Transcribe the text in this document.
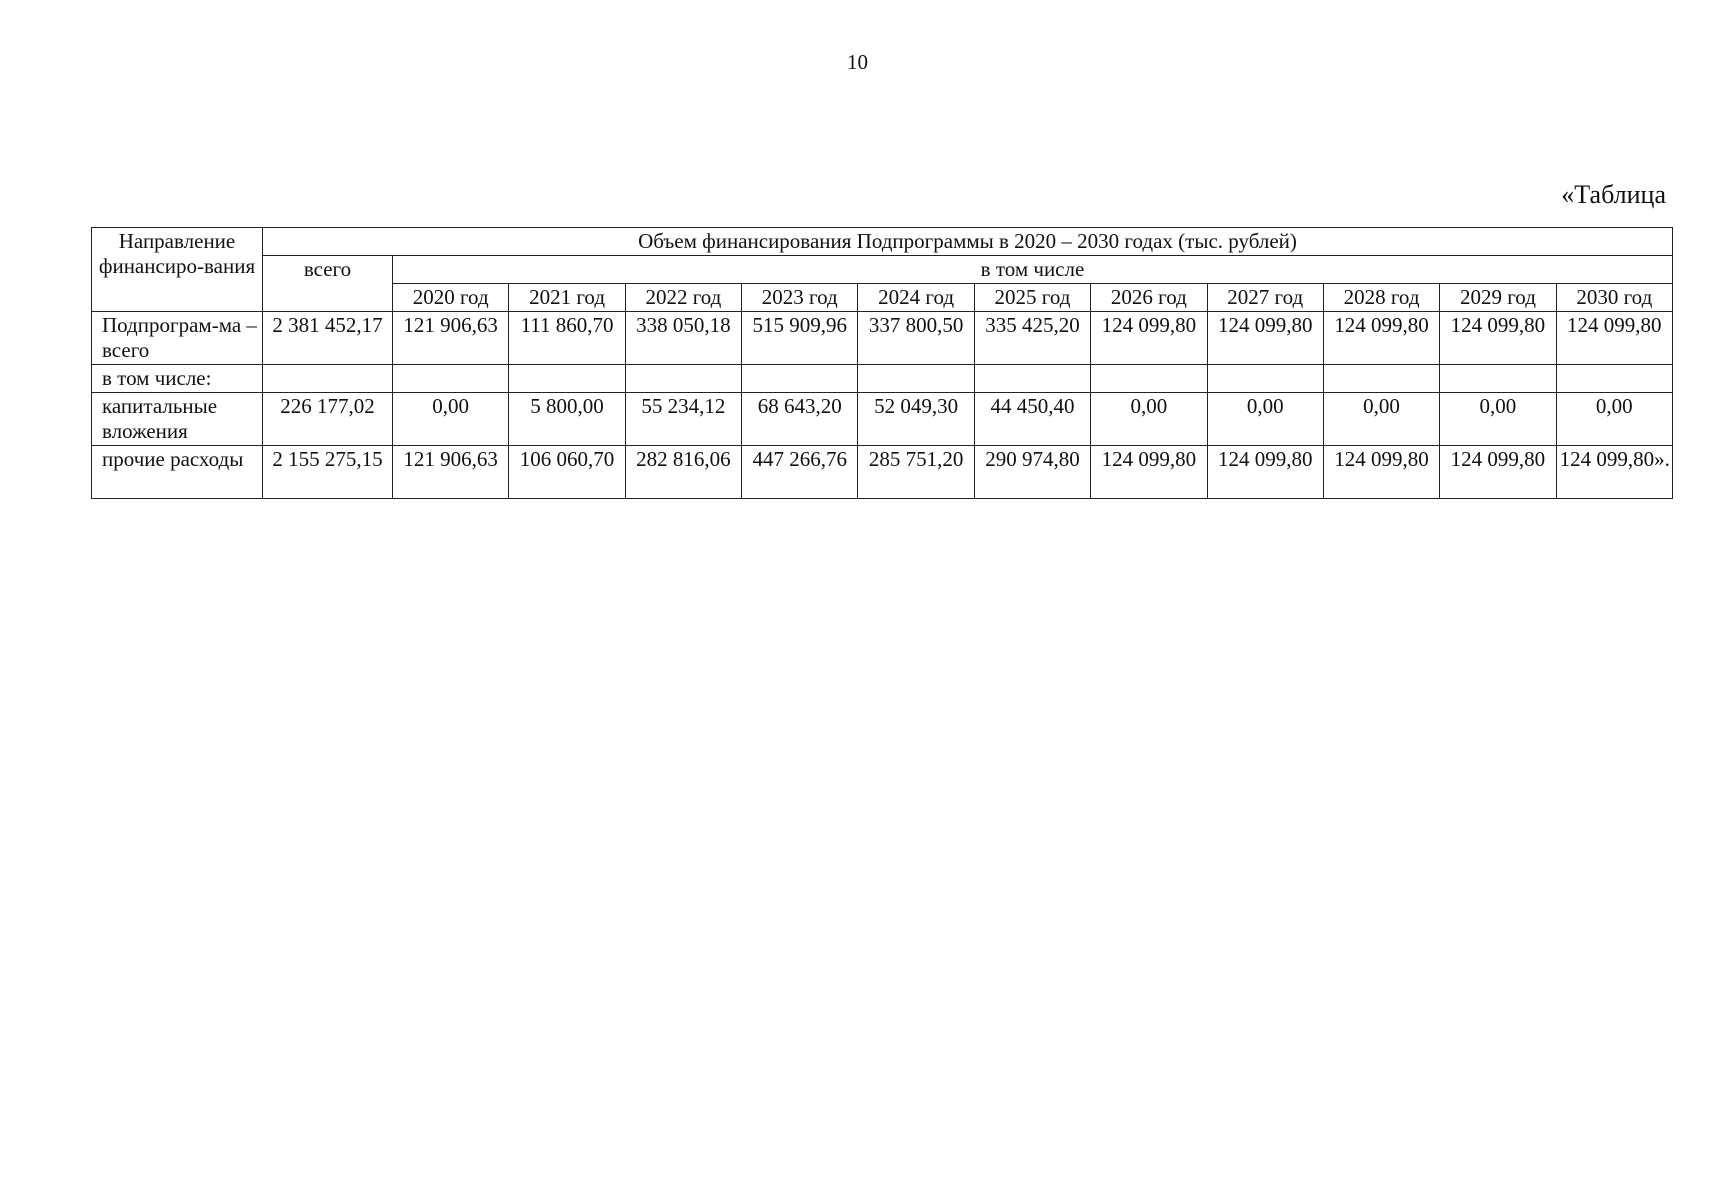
10
«Таблица
Направление финансиро-вания	Объем финансирования Подпрограммы в 2020 – 2030 годах (тыс. рублей)											
	всего	в том числе										
		2020 год	2021 год	2022 год	2023 год	2024 год	2025 год	2026 год	2027 год	2028 год	2029 год	2030 год
Подпрограм-ма – всего	2 381 452,17	121 906,63	111 860,70	338 050,18	515 909,96	337 800,50	335 425,20	124 099,80	124 099,80	124 099,80	124 099,80	124 099,80
в том числе:												
капитальные вложения	226 177,02	0,00	5 800,00	55 234,12	68 643,20	52 049,30	44 450,40	0,00	0,00	0,00	0,00	0,00
прочие расходы	2 155 275,15	121 906,63	106 060,70	282 816,06	447 266,76	285 751,20	290 974,80	124 099,80	124 099,80	124 099,80	124 099,80	124 099,80».
